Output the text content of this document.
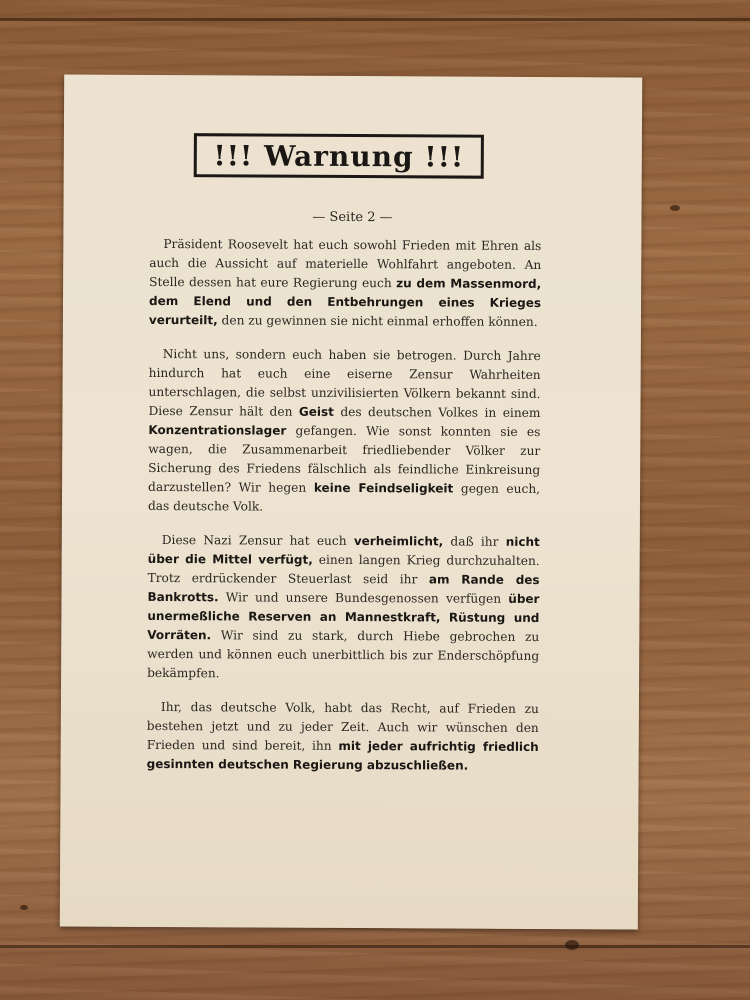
!!! Warnung !!!
— Seite 2 —

Präsident Roosevelt hat euch sowohl Frieden mit Ehren als auch die Aussicht auf materielle Wohlfahrt angeboten. An Stelle dessen hat eure Regierung euch zu dem Massenmord, dem Elend und den Entbehrungen eines Krieges verurteilt, den zu gewinnen sie nicht einmal erhoffen können.

Nicht uns, sondern euch haben sie betrogen. Durch Jahre hindurch hat euch eine eiserne Zensur Wahrheiten unterschlagen, die selbst unzivilisierten Völkern bekannt sind. Diese Zensur hält den Geist des deutschen Volkes in einem Konzentrationslager gefangen. Wie sonst konnten sie es wagen, die Zusammenarbeit friedliebender Völker zur Sicherung des Friedens fälschlich als feindliche Einkreisung darzustellen? Wir hegen keine Feindseligkeit gegen euch, das deutsche Volk.

Diese Nazi Zensur hat euch verheimlicht, daß ihr nicht über die Mittel verfügt, einen langen Krieg durchzuhalten. Trotz erdrückender Steuerlast seid ihr am Rande des Bankrotts. Wir und unsere Bundesgenossen verfügen über unermeßliche Reserven an Mannestkraft, Rüstung und Vorräten. Wir sind zu stark, durch Hiebe gebrochen zu werden und können euch unerbittlich bis zur Enderschöpfung bekämpfen.

Ihr, das deutsche Volk, habt das Recht, auf Frieden zu bestehen jetzt und zu jeder Zeit. Auch wir wünschen den Frieden und sind bereit, ihn mit jeder aufrichtig friedlich gesinnten deutschen Regierung abzuschließen.
